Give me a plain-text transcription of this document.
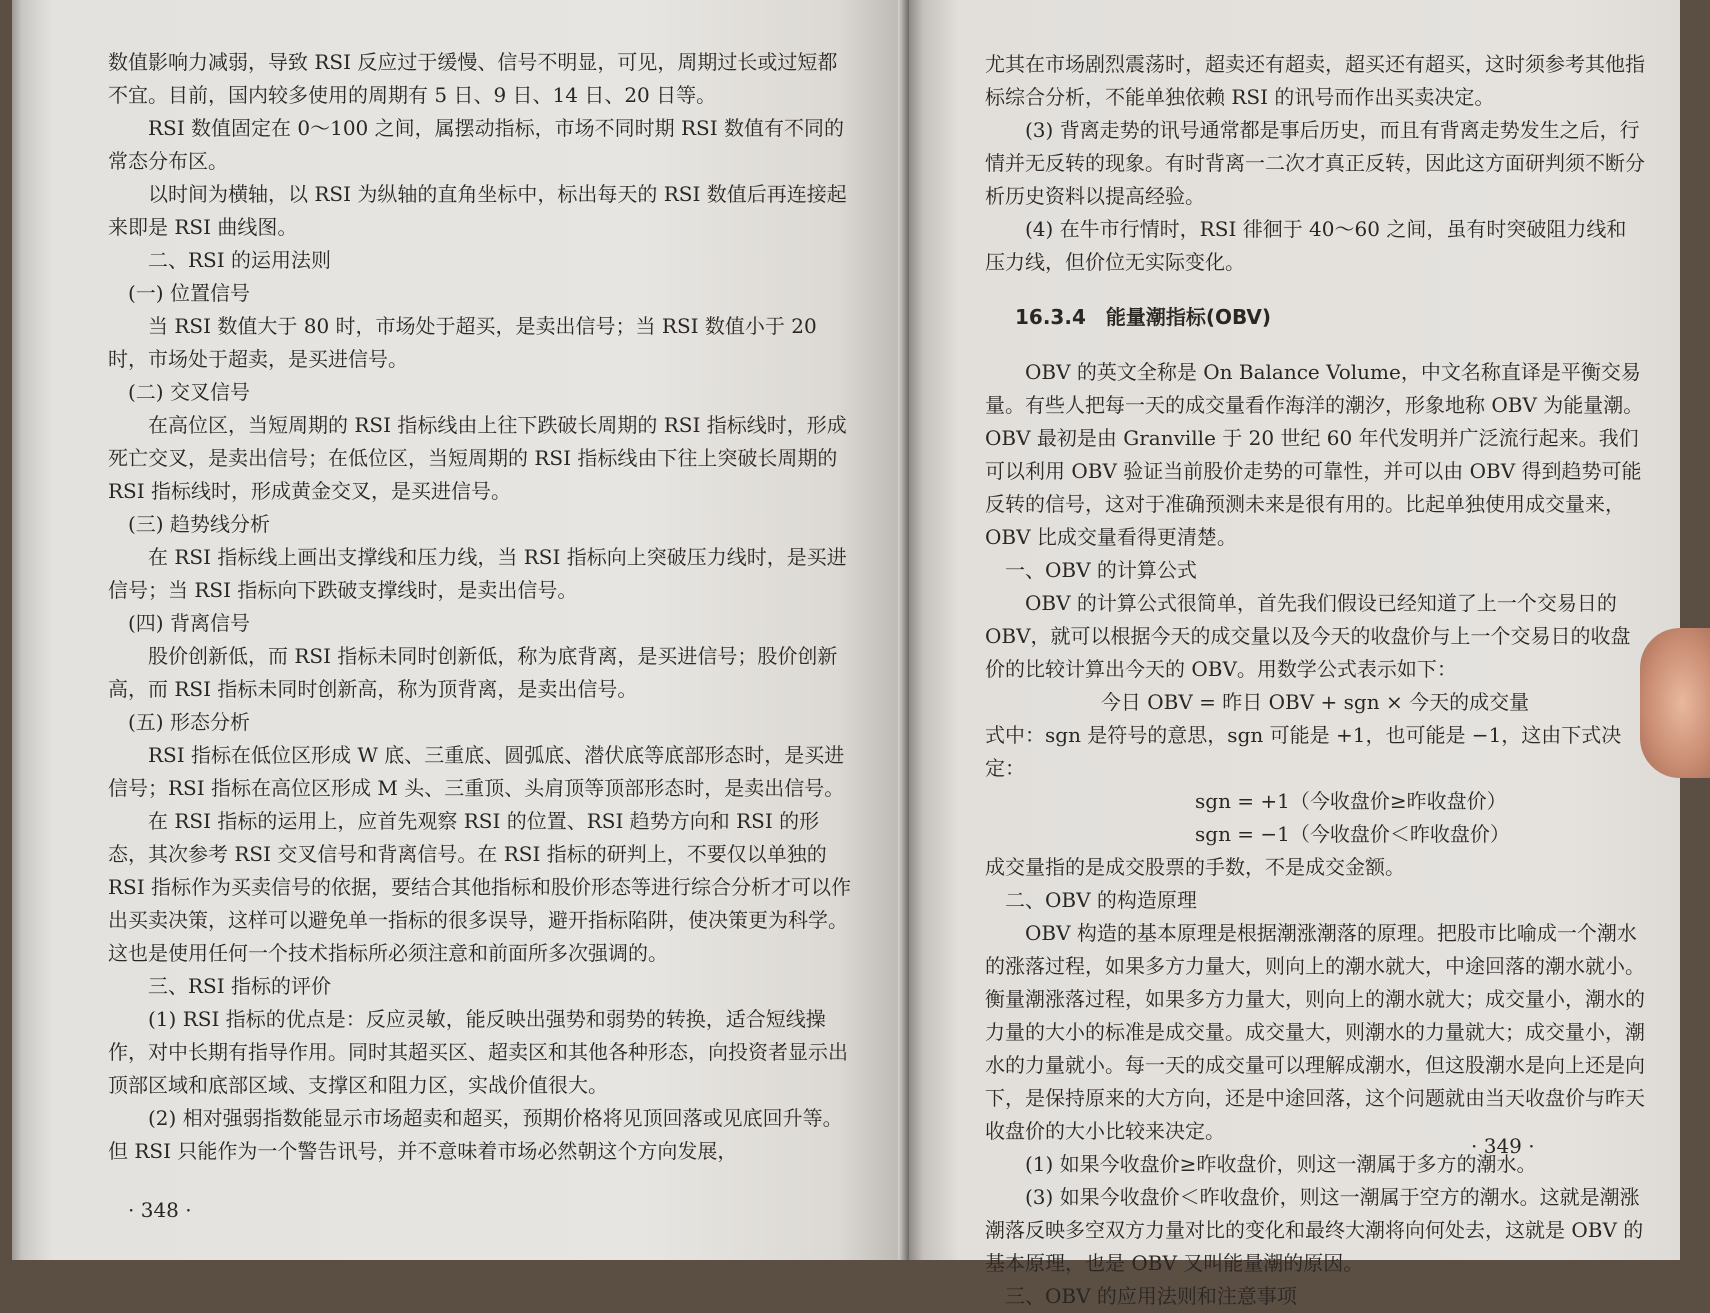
数值影响力减弱，导致 RSI 反应过于缓慢、信号不明显，可见，周期过长或过短都不宜。目前，国内较多使用的周期有 5 日、9 日、14 日、20 日等。

RSI 数值固定在 0～100 之间，属摆动指标，市场不同时期 RSI 数值有不同的常态分布区。

以时间为横轴，以 RSI 为纵轴的直角坐标中，标出每天的 RSI 数值后再连接起来即是 RSI 曲线图。

二、RSI 的运用法则

(一) 位置信号

当 RSI 数值大于 80 时，市场处于超买，是卖出信号；当 RSI 数值小于 20 时，市场处于超卖，是买进信号。

(二) 交叉信号

在高位区，当短周期的 RSI 指标线由上往下跌破长周期的 RSI 指标线时，形成死亡交叉，是卖出信号；在低位区，当短周期的 RSI 指标线由下往上突破长周期的 RSI 指标线时，形成黄金交叉，是买进信号。

(三) 趋势线分析

在 RSI 指标线上画出支撑线和压力线，当 RSI 指标向上突破压力线时，是买进信号；当 RSI 指标向下跌破支撑线时，是卖出信号。

(四) 背离信号

股价创新低，而 RSI 指标未同时创新低，称为底背离，是买进信号；股价创新高，而 RSI 指标未同时创新高，称为顶背离，是卖出信号。

(五) 形态分析

RSI 指标在低位区形成 W 底、三重底、圆弧底、潜伏底等底部形态时，是买进信号；RSI 指标在高位区形成 M 头、三重顶、头肩顶等顶部形态时，是卖出信号。

在 RSI 指标的运用上，应首先观察 RSI 的位置、RSI 趋势方向和 RSI 的形态，其次参考 RSI 交叉信号和背离信号。在 RSI 指标的研判上，不要仅以单独的 RSI 指标作为买卖信号的依据，要结合其他指标和股价形态等进行综合分析才可以作出买卖决策，这样可以避免单一指标的很多误导，避开指标陷阱，使决策更为科学。这也是使用任何一个技术指标所必须注意和前面所多次强调的。

三、RSI 指标的评价

(1) RSI 指标的优点是：反应灵敏，能反映出强势和弱势的转换，适合短线操作，对中长期有指导作用。同时其超买区、超卖区和其他各种形态，向投资者显示出顶部区域和底部区域、支撑区和阻力区，实战价值很大。

(2) 相对强弱指数能显示市场超卖和超买，预期价格将见顶回落或见底回升等。但 RSI 只能作为一个警告讯号，并不意味着市场必然朝这个方向发展，

· 348 ·

尤其在市场剧烈震荡时，超卖还有超卖，超买还有超买，这时须参考其他指标综合分析，不能单独依赖 RSI 的讯号而作出买卖决定。

(3) 背离走势的讯号通常都是事后历史，而且有背离走势发生之后，行情并无反转的现象。有时背离一二次才真正反转，因此这方面研判须不断分析历史资料以提高经验。

(4) 在牛市行情时，RSI 徘徊于 40～60 之间，虽有时突破阻力线和压力线，但价位无实际变化。

16.3.4　能量潮指标(OBV)

OBV 的英文全称是 On Balance Volume，中文名称直译是平衡交易量。有些人把每一天的成交量看作海洋的潮汐，形象地称 OBV 为能量潮。OBV 最初是由 Granville 于 20 世纪 60 年代发明并广泛流行起来。我们可以利用 OBV 验证当前股价走势的可靠性，并可以由 OBV 得到趋势可能反转的信号，这对于准确预测未来是很有用的。比起单独使用成交量来，OBV 比成交量看得更清楚。

一、OBV 的计算公式

OBV 的计算公式很简单，首先我们假设已经知道了上一个交易日的 OBV，就可以根据今天的成交量以及今天的收盘价与上一个交易日的收盘价的比较计算出今天的 OBV。用数学公式表示如下：

今日 OBV = 昨日 OBV + sgn × 今天的成交量

式中：sgn 是符号的意思，sgn 可能是 +1，也可能是 −1，这由下式决定：

sgn = +1（今收盘价≥昨收盘价）

sgn = −1（今收盘价＜昨收盘价）

成交量指的是成交股票的手数，不是成交金额。

二、OBV 的构造原理

OBV 构造的基本原理是根据潮涨潮落的原理。把股市比喻成一个潮水的涨落过程，如果多方力量大，则向上的潮水就大，中途回落的潮水就小。衡量潮涨落过程，如果多方力量大，则向上的潮水就大；成交量小，潮水的力量的大小的标准是成交量。成交量大，则潮水的力量就大；成交量小，潮水的力量就小。每一天的成交量可以理解成潮水，但这股潮水是向上还是向下，是保持原来的大方向，还是中途回落，这个问题就由当天收盘价与昨天收盘价的大小比较来决定。

(1) 如果今收盘价≥昨收盘价，则这一潮属于多方的潮水。

(3) 如果今收盘价＜昨收盘价，则这一潮属于空方的潮水。这就是潮涨潮落反映多空双方力量对比的变化和最终大潮将向何处去，这就是 OBV 的基本原理，也是 OBV 又叫能量潮的原因。

三、OBV 的应用法则和注意事项

· 349 ·
